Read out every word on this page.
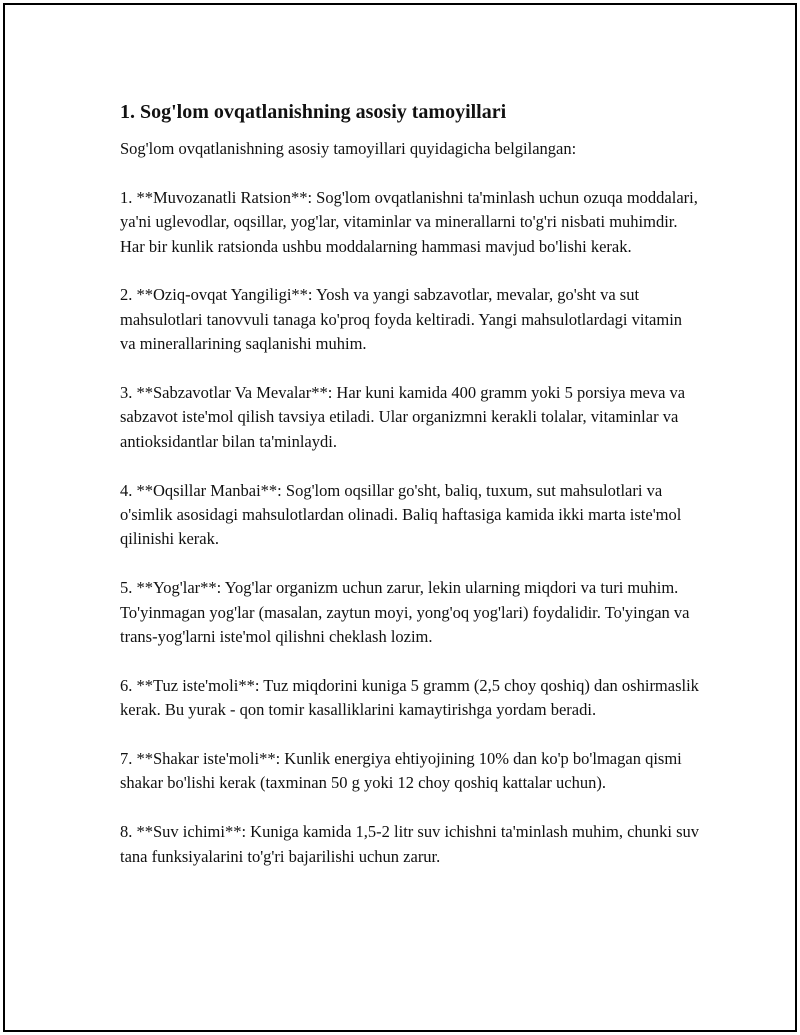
1. Sog'lom ovqatlanishning asosiy tamoyillari

Sog'lom ovqatlanishning asosiy tamoyillari quyidagicha belgilangan:

1. **Muvozanatli Ratsion**: Sog'lom ovqatlanishni ta'minlash uchun ozuqa moddalari, ya'ni uglevodlar, oqsillar, yog'lar, vitaminlar va minerallarni to'g'ri nisbati muhimdir. Har bir kunlik ratsionda ushbu moddalarning hammasi mavjud bo'lishi kerak.

2. **Oziq-ovqat Yangiligi**: Yosh va yangi sabzavotlar, mevalar, go'sht va sut mahsulotlari tanovvuli tanaga ko'proq foyda keltiradi. Yangi mahsulotlardagi vitamin va minerallarining saqlanishi muhim.

3. **Sabzavotlar Va Mevalar**: Har kuni kamida 400 gramm yoki 5 porsiya meva va sabzavot iste'mol qilish tavsiya etiladi. Ular organizmni kerakli tolalar, vitaminlar va antioksidantlar bilan ta'minlaydi.

4. **Oqsillar Manbai**: Sog'lom oqsillar go'sht, baliq, tuxum, sut mahsulotlari va o'simlik asosidagi mahsulotlardan olinadi. Baliq haftasiga kamida ikki marta iste'mol qilinishi kerak.

5. **Yog'lar**: Yog'lar organizm uchun zarur, lekin ularning miqdori va turi muhim. To'yinmagan yog'lar (masalan, zaytun moyi, yong'oq yog'lari) foydalidir. To'yingan va trans-yog'larni iste'mol qilishni cheklash lozim.

6. **Tuz iste'moli**: Tuz miqdorini kuniga 5 gramm (2,5 choy qoshiq) dan oshirmaslik kerak. Bu yurak - qon tomir kasalliklarini kamaytirishga yordam beradi.

7. **Shakar iste'moli**: Kunlik energiya ehtiyojining 10% dan ko'p bo'lmagan qismi shakar bo'lishi kerak (taxminan 50 g yoki 12 choy qoshiq kattalar uchun).

8. **Suv ichimi**: Kuniga kamida 1,5-2 litr suv ichishni ta'minlash muhim, chunki suv tana funksiyalarini to'g'ri bajarilishi uchun zarur.
